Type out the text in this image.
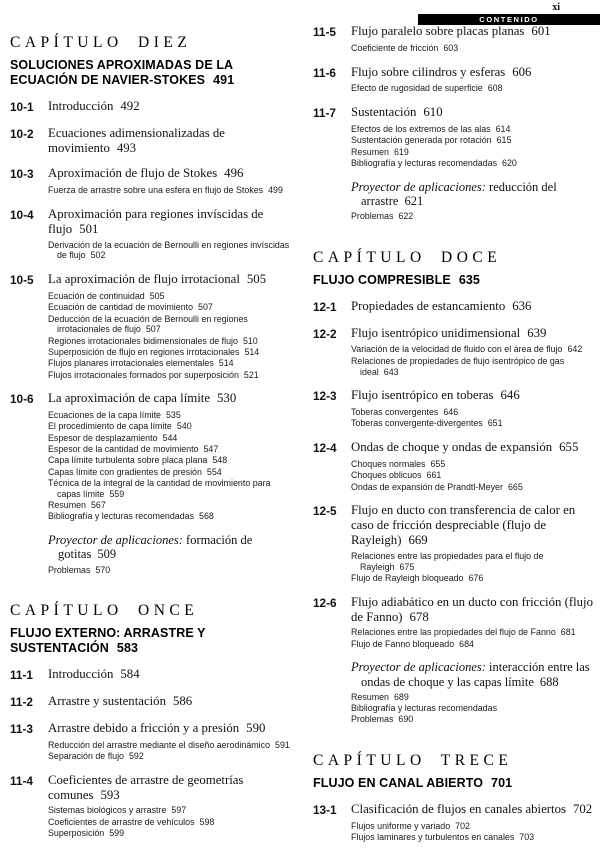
xi
CONTENIDO
CAPÍTULO DIEZ
SOLUCIONES APROXIMADAS DE LA ECUACIÓN DE NAVIER-STOKES 491
10-1	Introducción 492
10-2	Ecuaciones adimensionalizadas de movimiento 493
10-3	Aproximación de flujo de Stokes 496
Fuerza de arrastre sobre una esfera en flujo de Stokes 499
10-4	Aproximación para regiones invíscidas de flujo 501
Derivación de la ecuación de Bernoulli en regiones invíscidas de flujo 502
10-5	La aproximación de flujo irrotacional 505
Ecuación de continuidad 505
Ecuación de cantidad de movimiento 507
Deducción de la ecuación de Bernoulli en regiones irrotacionales de flujo 507
Regiones irrotacionales bidimensionales de flujo 510
Superposición de flujo en regiones irrotacionales 514
Flujos planares irrotacionales elementales 514
Flujos irrotacionales formados por superposición 521
10-6	La aproximación de capa límite 530
Ecuaciones de la capa límite 535
El procedimiento de capa límite 540
Espesor de desplazamiento 544
Espesor de la cantidad de movimiento 547
Capa límite turbulenta sobre placa plana 548
Capas límite con gradientes de presión 554
Técnica de la integral de la cantidad de movimiento para capas límite 559
Resumen 567
Bibliografía y lecturas recomendadas 568
Proyector de aplicaciones: formación de gotitas 509
Problemas 570
CAPÍTULO ONCE
FLUJO EXTERNO: ARRASTRE Y SUSTENTACIÓN 583
11-1	Introducción 584
11-2	Arrastre y sustentación 586
11-3	Arrastre debido a fricción y a presión 590
Reducción del arrastre mediante el diseño aerodinámico 591
Separación de flujo 592
11-4	Coeficientes de arrastre de geometrías comunes 593
Sistemas biológicos y arrastre 597
Coeficientes de arrastre de vehículos 598
Superposición 599
11-5	Flujo paralelo sobre placas planas 601
Coeficiente de fricción 603
11-6	Flujo sobre cilindros y esferas 606
Efecto de rugosidad de superficie 608
11-7	Sustentación 610
Efectos de los extremos de las alas 614
Sustentación generada por rotación 615
Resumen 619
Bibliografía y lecturas recomendadas 620
Proyector de aplicaciones: reducción del arrastre 621
Problemas 622
CAPÍTULO DOCE
FLUJO COMPRESIBLE 635
12-1	Propiedades de estancamiento 636
12-2	Flujo isentrópico unidimensional 639
Variación de la velocidad de fluido con el área de flujo 642
Relaciones de propiedades de flujo isentrópico de gas ideal 643
12-3	Flujo isentrópico en toberas 646
Toberas convergentes 646
Toberas convergente-divergentes 651
12-4	Ondas de choque y ondas de expansión 655
Choques normales 655
Choques oblicuos 661
Ondas de expansión de Prandtl-Meyer 665
12-5	Flujo en ducto con transferencia de calor en caso de fricción despreciable (flujo de Rayleigh) 669
Relaciones entre las propiedades para el flujo de Rayleigh 675
Flujo de Rayleigh bloqueado 676
12-6	Flujo adiabático en un ducto con fricción (flujo de Fanno) 678
Relaciones entre las propiedades del flujo de Fanno 681
Flujo de Fanno bloqueado 684
Proyector de aplicaciones: interacción entre las ondas de choque y las capas límite 688
Resumen 689
Bibliografía y lecturas recomendadas
Problemas 690
CAPÍTULO TRECE
FLUJO EN CANAL ABIERTO 701
13-1	Clasificación de flujos en canales abiertos 702
Flujos uniforme y variado 702
Flujos laminares y turbulentos en canales 703
